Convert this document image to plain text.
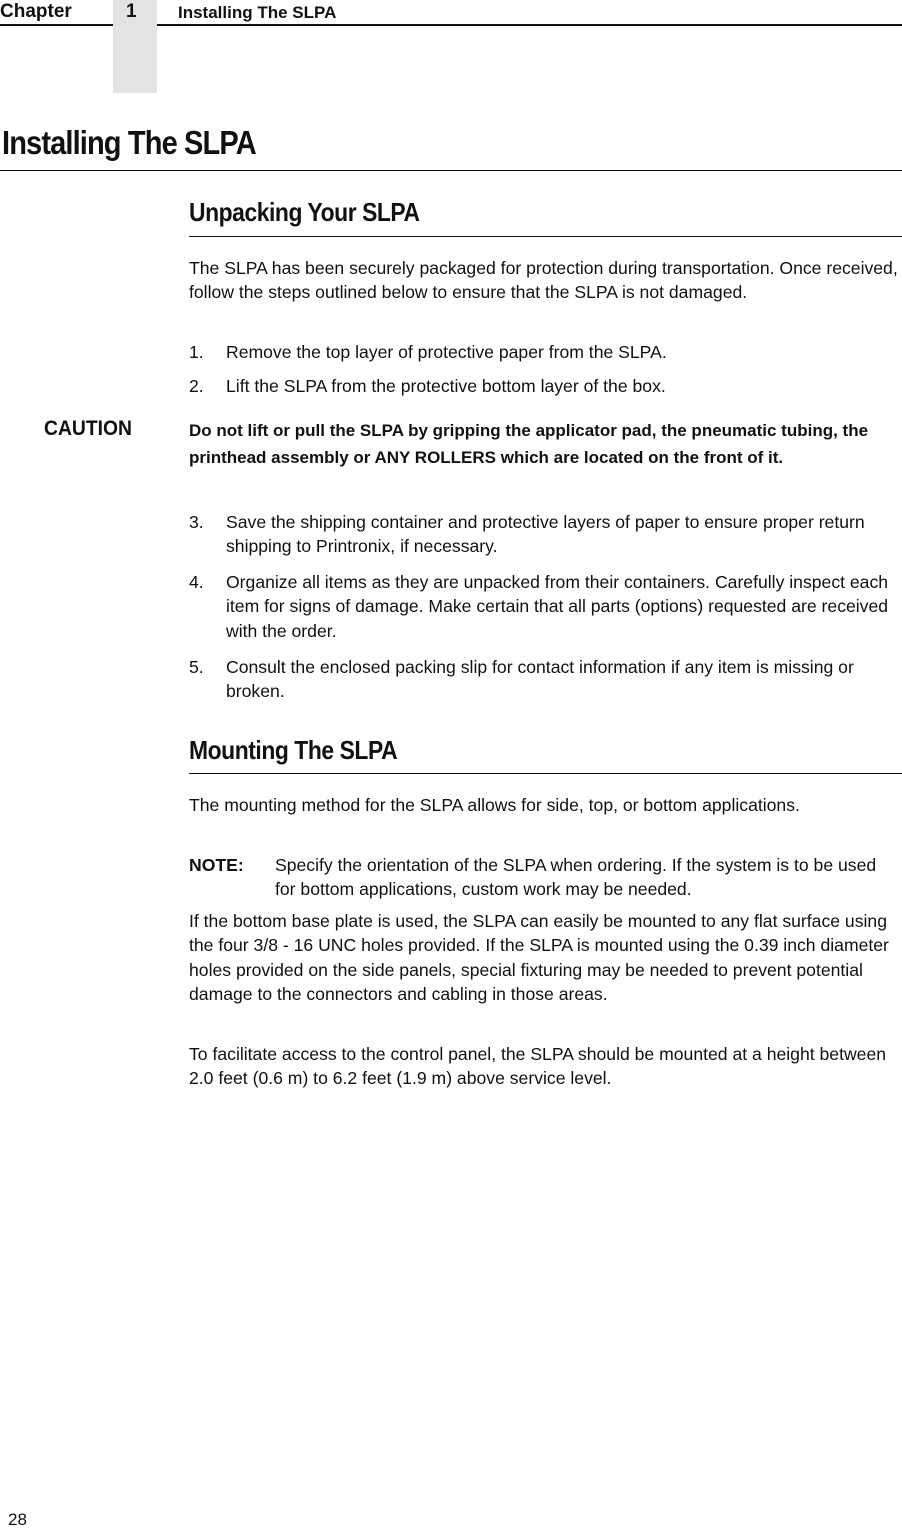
Chapter	1 Installing The SLPA
Installing The SLPA
Unpacking Your SLPA
The SLPA has been securely packaged for protection during transportation. Once received, follow the steps outlined below to ensure that the SLPA is not damaged.
1. Remove the top layer of protective paper from the SLPA.
2. Lift the SLPA from the protective bottom layer of the box.
CAUTION	Do not lift or pull the SLPA by gripping the applicator pad, the pneumatic tubing, the printhead assembly or ANY ROLLERS which are located on the front of it.
3. Save the shipping container and protective layers of paper to ensure proper return shipping to Printronix, if necessary.
4. Organize all items as they are unpacked from their containers. Carefully inspect each item for signs of damage. Make certain that all parts (options) requested are received with the order.
5. Consult the enclosed packing slip for contact information if any item is missing or broken.
Mounting The SLPA
The mounting method for the SLPA allows for side, top, or bottom applications.
NOTE: Specify the orientation of the SLPA when ordering. If the system is to be used for bottom applications, custom work may be needed.
If the bottom base plate is used, the SLPA can easily be mounted to any flat surface using the four 3/8 - 16 UNC holes provided. If the SLPA is mounted using the 0.39 inch diameter holes provided on the side panels, special fixturing may be needed to prevent potential damage to the connectors and cabling in those areas.
To facilitate access to the control panel, the SLPA should be mounted at a height between 2.0 feet (0.6 m) to 6.2 feet (1.9 m) above service level.
28
